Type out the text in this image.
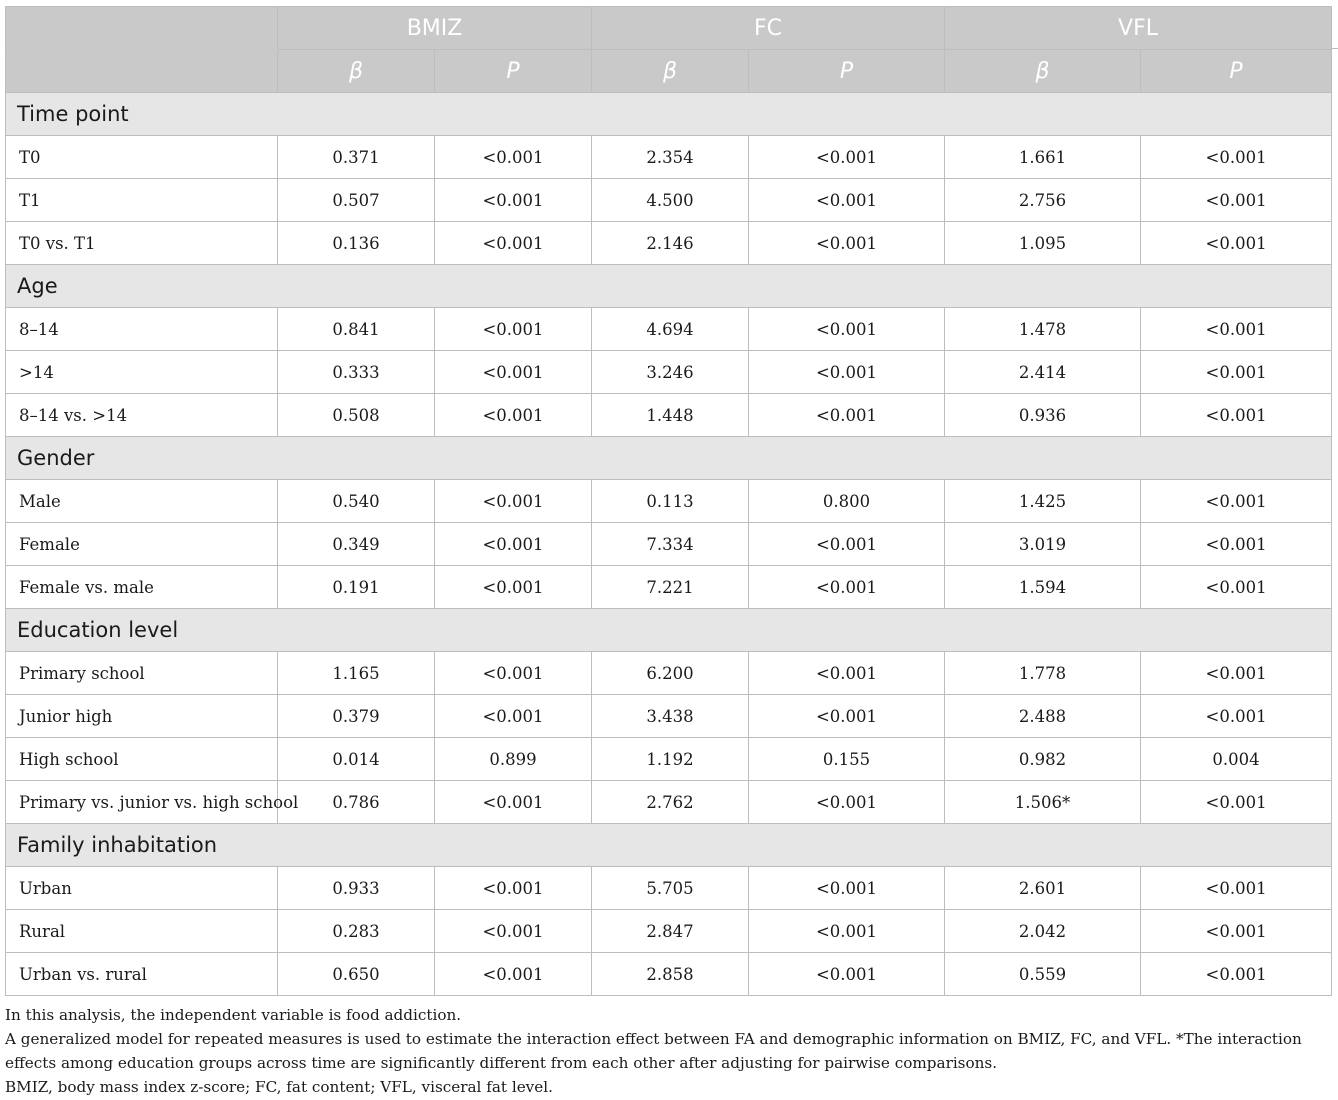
	BMIZ		FC		VFL	
	β	P	β	P	β	P
Time point						
T0	0.371	<0.001	2.354	<0.001	1.661	<0.001
T1	0.507	<0.001	4.500	<0.001	2.756	<0.001
T0 vs. T1	0.136	<0.001	2.146	<0.001	1.095	<0.001
Age						
8–14	0.841	<0.001	4.694	<0.001	1.478	<0.001
>14	0.333	<0.001	3.246	<0.001	2.414	<0.001
8–14 vs. >14	0.508	<0.001	1.448	<0.001	0.936	<0.001
Gender						
Male	0.540	<0.001	0.113	0.800	1.425	<0.001
Female	0.349	<0.001	7.334	<0.001	3.019	<0.001
Female vs. male	0.191	<0.001	7.221	<0.001	1.594	<0.001
Education level						
Primary school	1.165	<0.001	6.200	<0.001	1.778	<0.001
Junior high	0.379	<0.001	3.438	<0.001	2.488	<0.001
High school	0.014	0.899	1.192	0.155	0.982	0.004
Primary vs. junior vs. high school	0.786	<0.001	2.762	<0.001	1.506*	<0.001
Family inhabitation						
Urban	0.933	<0.001	5.705	<0.001	2.601	<0.001
Rural	0.283	<0.001	2.847	<0.001	2.042	<0.001
Urban vs. rural	0.650	<0.001	2.858	<0.001	0.559	<0.001

In this analysis, the independent variable is food addiction.

A generalized model for repeated measures is used to estimate the interaction effect between FA and demographic information on BMIZ, FC, and VFL. *The interaction effects among education groups across time are significantly different from each other after adjusting for pairwise comparisons.

BMIZ, body mass index z-score; FC, fat content; VFL, visceral fat level.
